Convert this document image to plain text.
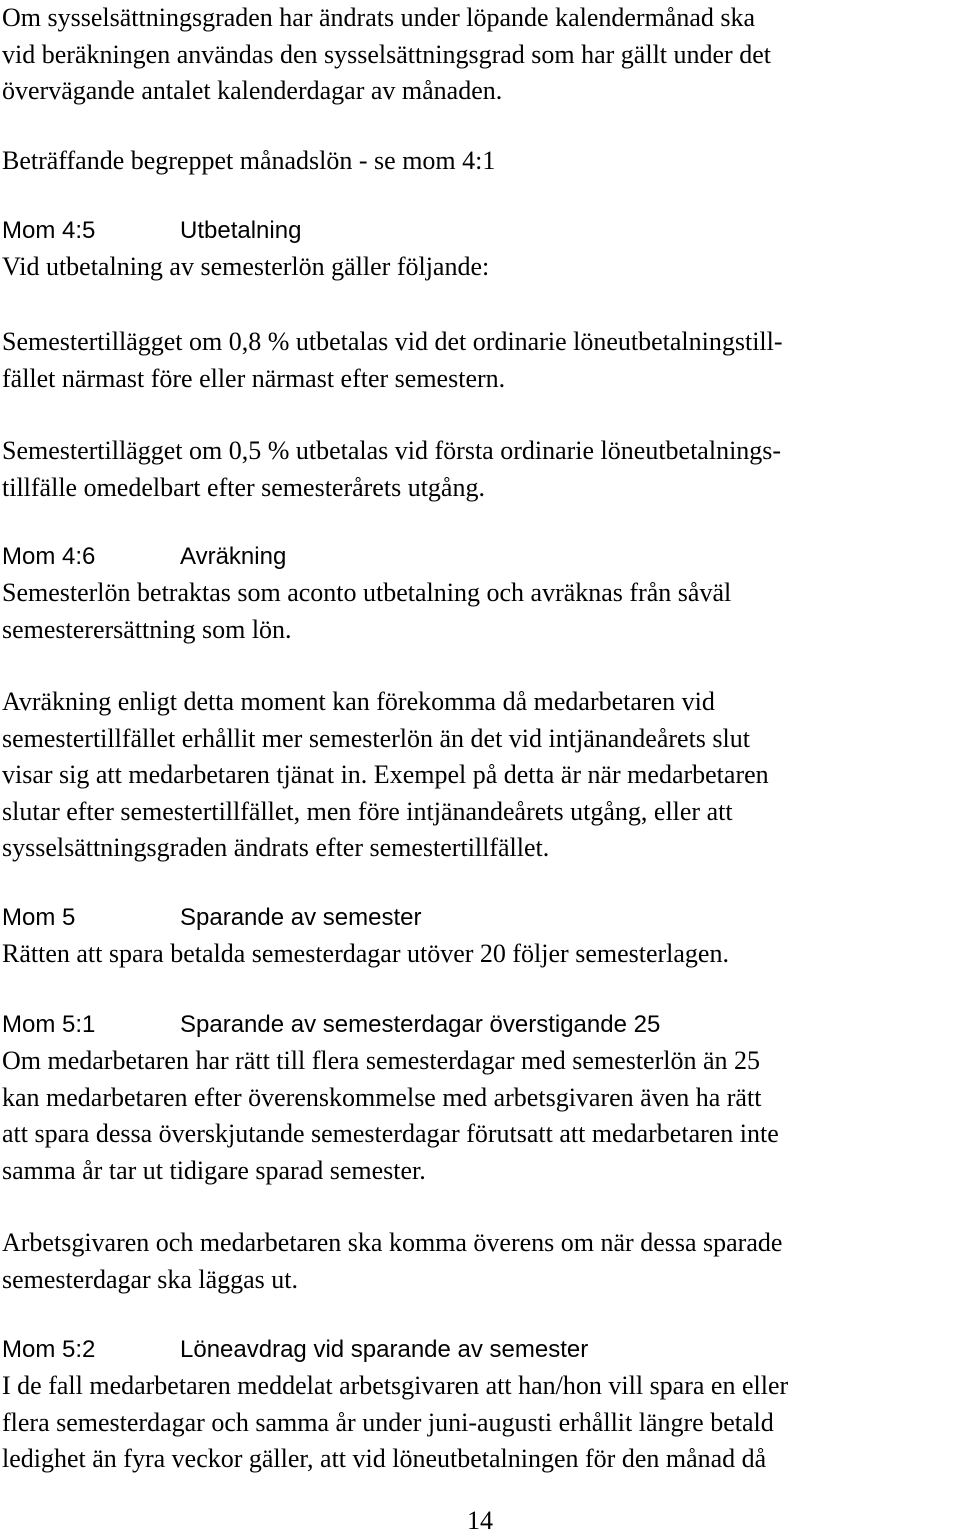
Om sysselsättningsgraden har ändrats under löpande kalendermånad ska
vid beräkningen användas den sysselsättningsgrad som har gällt under det
övervägande antalet kalenderdagar av månaden.
Beträffande begreppet månadslön - se mom 4:1
Mom 4:5	Utbetalning
Vid utbetalning av semesterlön gäller följande:
Semestertillägget om 0,8 % utbetalas vid det ordinarie löneutbetalningstill-
fället närmast före eller närmast efter semestern.
Semestertillägget om 0,5 % utbetalas vid första ordinarie löneutbetalnings-
tillfälle omedelbart efter semesterårets utgång.
Mom 4:6	Avräkning
Semesterlön betraktas som aconto utbetalning och avräknas från såväl
semesterersättning som lön.
Avräkning enligt detta moment kan förekomma då medarbetaren vid
semestertillfället erhållit mer semesterlön än det vid intjänandeårets slut
visar sig att medarbetaren tjänat in. Exempel på detta är när medarbetaren
slutar efter semestertillfället, men före intjänandeårets utgång, eller att
sysselsättningsgraden ändrats efter semestertillfället.
Mom 5	Sparande av semester
Rätten att spara betalda semesterdagar utöver 20 följer semesterlagen.
Mom 5:1	Sparande av semesterdagar överstigande 25
Om medarbetaren har rätt till flera semesterdagar med semesterlön än 25
kan medarbetaren efter överenskommelse med arbetsgivaren även ha rätt
att spara dessa överskjutande semesterdagar förutsatt att medarbetaren inte
samma år tar ut tidigare sparad semester.
Arbetsgivaren och medarbetaren ska komma överens om när dessa sparade
semesterdagar ska läggas ut.
Mom 5:2	Löneavdrag vid sparande av semester
I de fall medarbetaren meddelat arbetsgivaren att han/hon vill spara en eller
flera semesterdagar och samma år under juni-augusti erhållit längre betald
ledighet än fyra veckor gäller, att vid löneutbetalningen för den månad då
14
